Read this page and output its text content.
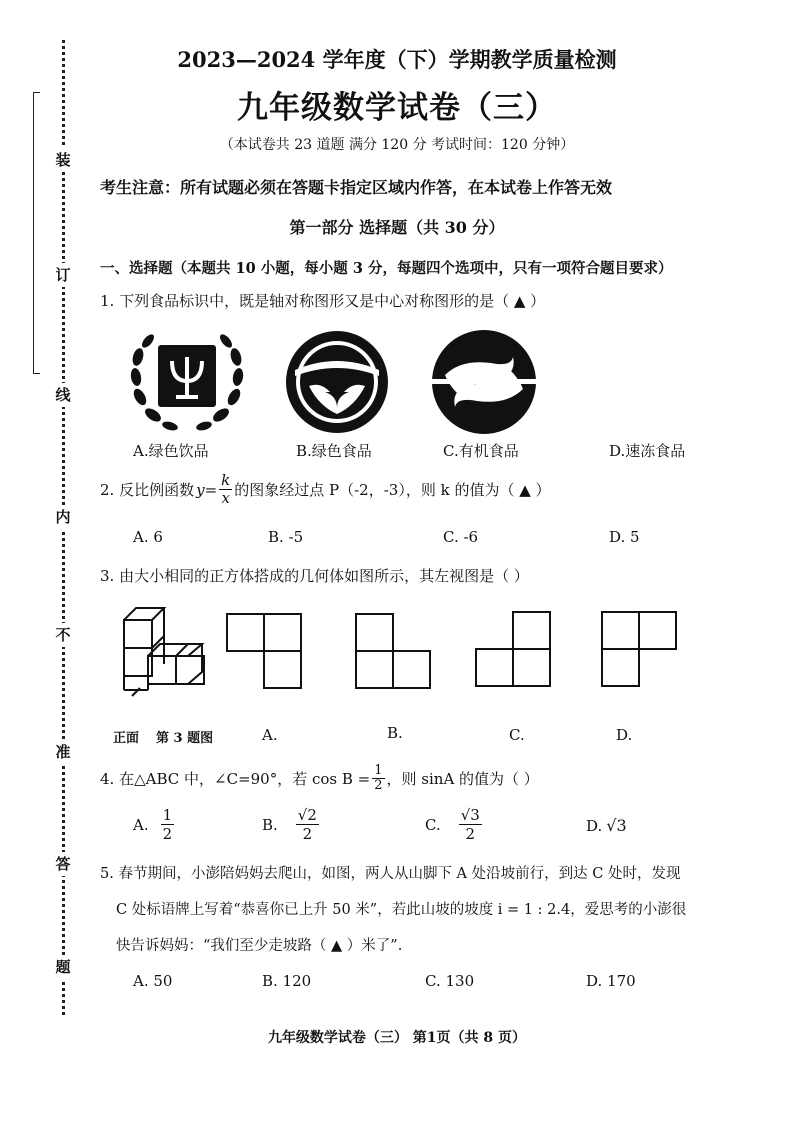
装
订
线
内
不
准
答
题
2023—2024 学年度（下）学期教学质量检测
九年级数学试卷（三）
（本试卷共 23 道题 满分 120 分 考试时间：120 分钟）
考生注意：所有试题必须在答题卡指定区域内作答，在本试卷上作答无效
第一部分 选择题（共 30 分）
一、选择题（本题共 10 小题，每小题 3 分，每题四个选项中，只有一项符合题目要求）
1. 下列食品标识中，既是轴对称图形又是中心对称图形的是（ ▲ ）
A.绿色饮品	B.绿色食品	C.有机食品	D.速冻食品
2. 反比例函数 $y= \frac{k}{x}$ 的图象经过点 P（-2，-3），则 k 的值为（ ▲ ）
A. 6	B. -5	C. -6	D. 5
3. 由大小相同的正方体搭成的几何体如图所示，其左视图是（ ）
正面 第 3 题图	A.	B.	C.	D.
4. 在△ABC 中，∠C=90°，若 $\cos B = \frac{1}{2}$ ，则 sinA 的值为（ ）
A. $\frac{1}{2}$	B. $\frac{√2}{2}$	C. $\frac{√3}{2}$	D. √3
5. 春节期间，小澎陪妈妈去爬山，如图，两人从山脚下 A 处沿坡前行，到达 C 处时，发现
C 处标语牌上写着“恭喜你已上升 50 米”，若此山坡的坡度 i = 1 : 2.4，爱思考的小澎很
快告诉妈妈：“我们至少走坡路（ ▲ ）米了”.
A. 50	B. 120	C. 130	D. 170
九年级数学试卷（三） 第1页（共 8 页）
